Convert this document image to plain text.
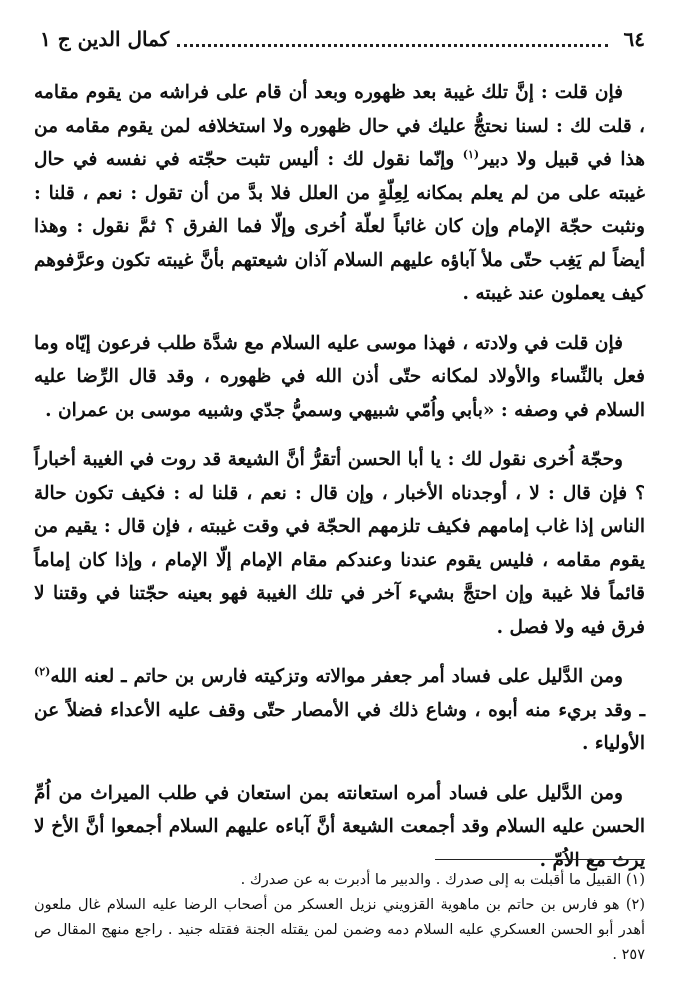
٦٤
كمال الدين ج ١

فإن قلت : إنَّ تلك غيبة بعد ظهوره وبعد أن قام على فراشه من يقوم مقامه ، قلت لك : لسنا نحتجُّ عليك في حال ظهوره ولا استخلافه لمن يقوم مقامه من هذا في قبيل ولا دبير$^{(١)}$ وإنّما نقول لك : أليس تثبت حجّته في نفسه في حال غيبته على من لم يعلم بمكانه لِعِلّةٍ من العلل فلا بدَّ من أن تقول : نعم ، قلنا : ونثبت حجّة الإمام وإن كان غائباً لعلّة اُخرى وإلّا فما الفرق ؟ ثمَّ نقول : وهذا أيضاً لم يَغِب حتّى ملأ آباؤه عليهم السلام آذان شيعتهم بأنَّ غيبته تكون وعرَّفوهم كيف يعملون عند غيبته .

فإن قلت في ولادته ، فهذا موسى عليه السلام مع شدَّة طلب فرعون إيّاه وما فعل بالنِّساء والأولاد لمكانه حتّى أذن الله في ظهوره ، وقد قال الرِّضا عليه السلام في وصفه : «بأبي واُمّي شبيهي وسميُّ جدّي وشبيه موسى بن عمران .

وحجّة اُخرى نقول لك : يا أبا الحسن أتقرُّ أنَّ الشيعة قد روت في الغيبة أخباراً ؟ فإن قال : لا ، أوجدناه الأخبار ، وإن قال : نعم ، قلنا له : فكيف تكون حالة الناس إذا غاب إمامهم فكيف تلزمهم الحجّة في وقت غيبته ، فإن قال : يقيم من يقوم مقامه ، فليس يقوم عندنا وعندكم مقام الإمام إلّا الإمام ، وإذا كان إماماً قائماً فلا غيبة وإن احتجَّ بشيء آخر في تلك الغيبة فهو بعينه حجّتنا في وقتنا لا فرق فيه ولا فصل .

ومن الدَّليل على فساد أمر جعفر موالاته وتزكيته فارس بن حاتم ـ لعنه الله$^{(٢)}$ ـ وقد بريء منه أبوه ، وشاع ذلك في الأمصار حتّى وقف عليه الأعداء فضلاً عن الأولياء .

ومن الدَّليل على فساد أمره استعانته بمن استعان في طلب الميراث من اُمِّ الحسن عليه السلام وقد أجمعت الشيعة أنَّ آباءه عليهم السلام أجمعوا أنَّ الأخ لا يرث مع الاُمّ .

(١) القبيل ما أقبلت به إلى صدرك . والدبير ما أدبرت به عن صدرك .

(٢) هو فارس بن حاتم بن ماهوية القزويني نزيل العسكر من أصحاب الرضا عليه السلام غال ملعون أهدر أبو الحسن العسكري عليه السلام دمه وضمن لمن يقتله الجنة فقتله جنيد . راجع منهج المقال ص ٢٥٧ .
